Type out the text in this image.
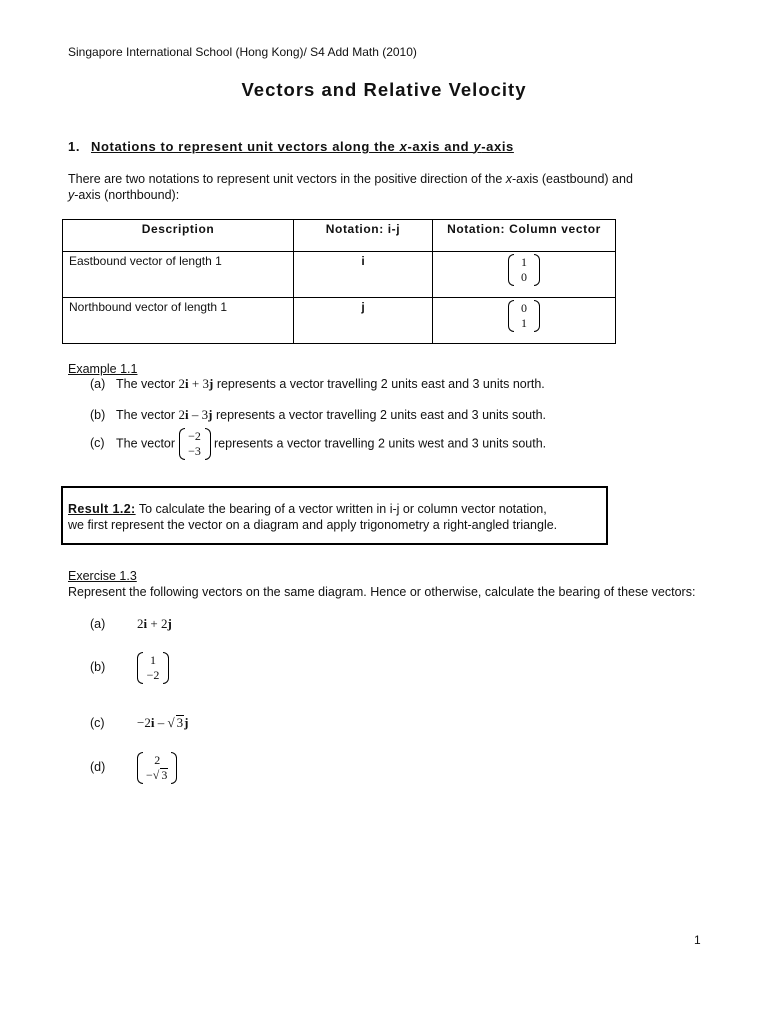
Singapore International School (Hong Kong)/ S4 Add Math (2010)
Vectors and Relative Velocity
1. Notations to represent unit vectors along the x-axis and y-axis
There are two notations to represent unit vectors in the positive direction of the x-axis (eastbound) and
y-axis (northbound):
Description	Notation: i-j	Notation: Column vector
Eastbound vector of length 1	i	1
0

Northbound vector of length 1	j	0
1
Example 1.1
(a) The vector 2i + 3j represents a vector travelling 2 units east and 3 units north.
(b) The vector 2i – 3j represents a vector travelling 2 units east and 3 units south.
(c) The vector
−2
−3
represents a vector travelling 2 units west and 3 units south.
Result 1.2: To calculate the bearing of a vector written in i-j or column vector notation,
we first represent the vector on a diagram and apply trigonometry a right-angled triangle.
Exercise 1.3
Represent the following vectors on the same diagram. Hence or otherwise, calculate the bearing of these vectors:
(a) 2i + 2j
(b)
1
−2
(c) −2i – √ 3j
(d)
2
−√ 3
1
